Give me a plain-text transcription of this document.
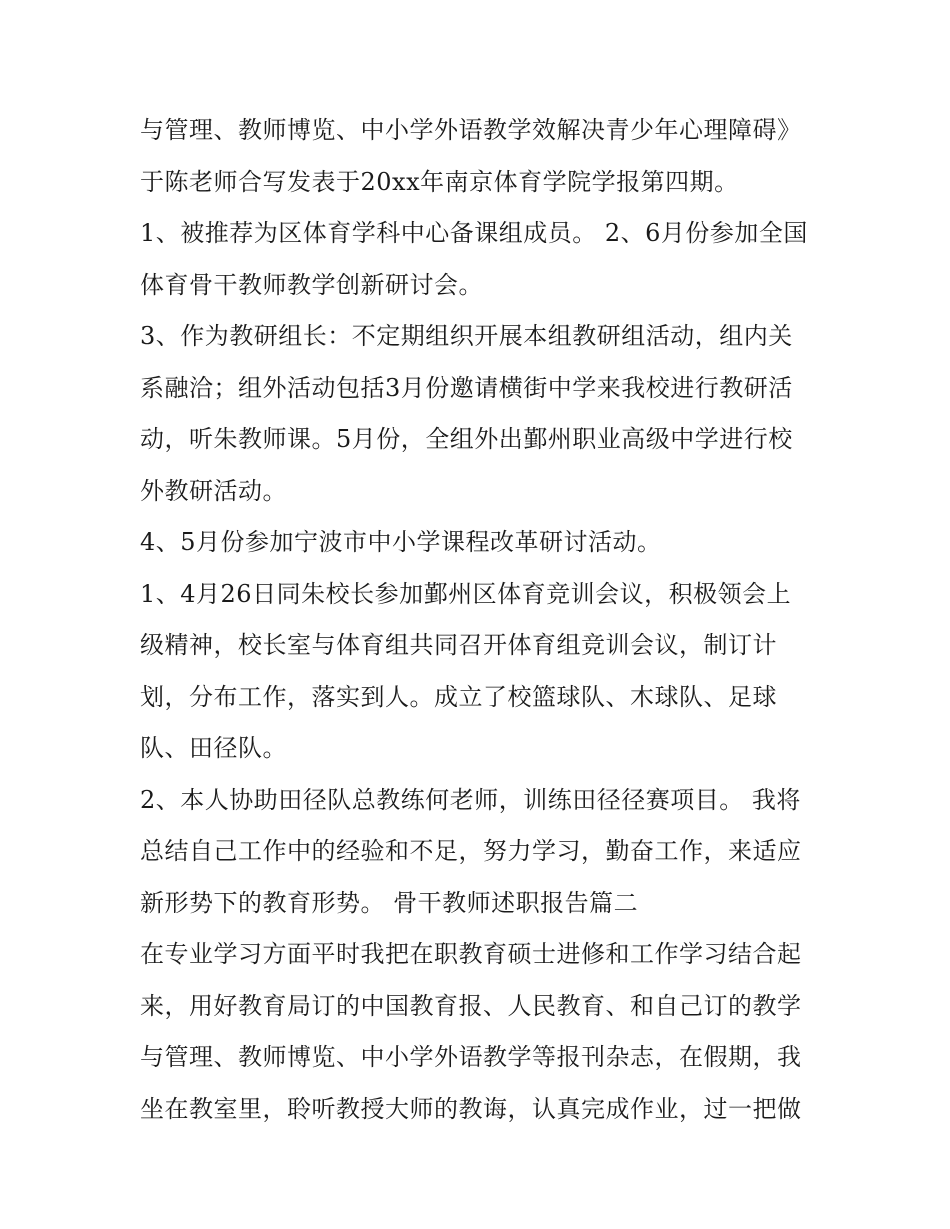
与管理、教师博览、中小学外语教学效解决青少年心理障碍》
于陈老师合写发表于20xx年南京体育学院学报第四期。
1、被推荐为区体育学科中心备课组成员。 2、6月份参加全国
体育骨干教师教学创新研讨会。
3、作为教研组长：不定期组织开展本组教研组活动，组内关
系融洽；组外活动包括3月份邀请横街中学来我校进行教研活
动，听朱教师课。5月份，全组外出鄞州职业高级中学进行校
外教研活动。
4、5月份参加宁波市中小学课程改革研讨活动。
1、4月26日同朱校长参加鄞州区体育竞训会议，积极领会上
级精神，校长室与体育组共同召开体育组竞训会议，制订计
划，分布工作，落实到人。成立了校篮球队、木球队、足球
队、田径队。
2、本人协助田径队总教练何老师，训练田径径赛项目。 我将
总结自己工作中的经验和不足，努力学习，勤奋工作，来适应
新形势下的教育形势。 骨干教师述职报告篇二
在专业学习方面平时我把在职教育硕士进修和工作学习结合起
来，用好教育局订的中国教育报、人民教育、和自己订的教学
与管理、教师博览、中小学外语教学等报刊杂志，在假期，我
坐在教室里，聆听教授大师的教诲，认真完成作业，过一把做
